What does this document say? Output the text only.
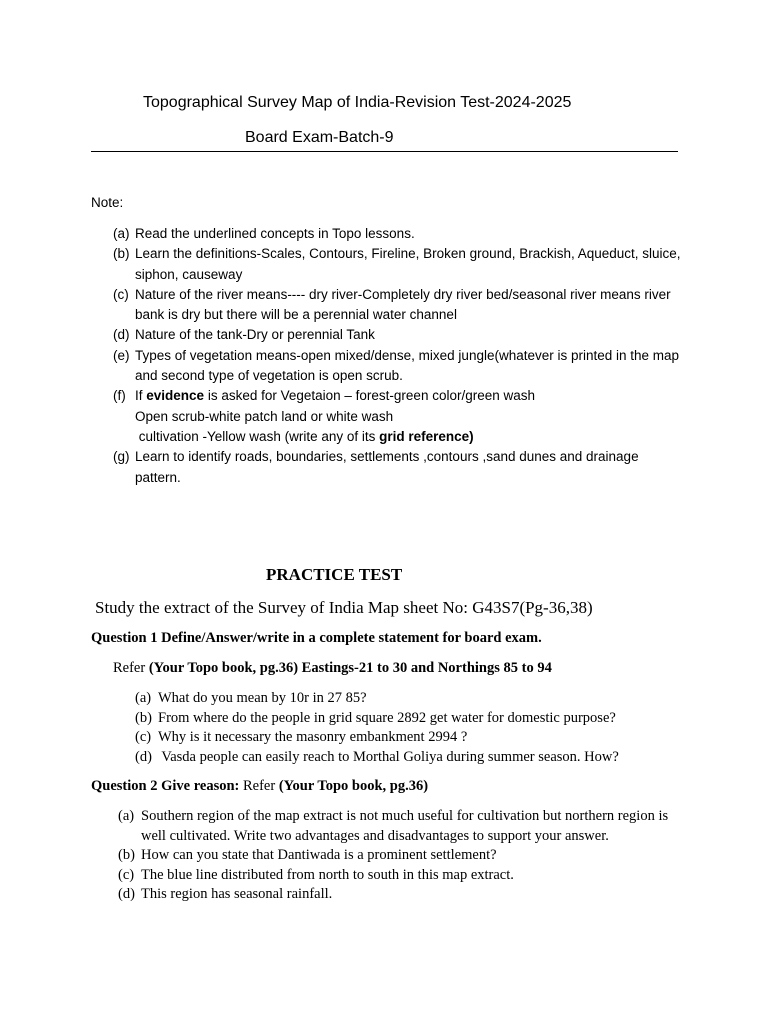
Topographical Survey Map of India-Revision Test-2024-2025
Board Exam-Batch-9
Note:
(a) Read the underlined concepts in Topo lessons.
(b) Learn the definitions-Scales, Contours, Fireline, Broken ground, Brackish, Aqueduct, sluice, siphon, causeway
(c) Nature of the river means---- dry river-Completely dry river bed/seasonal river means river bank is dry but there will be a perennial water channel
(d) Nature of the tank-Dry or perennial Tank
(e) Types of vegetation means-open mixed/dense, mixed jungle(whatever is printed in the map and second type of vegetation is open scrub.
(f) If evidence is asked for Vegetaion – forest-green color/green wash
Open scrub-white patch land or white wash
cultivation -Yellow wash (write any of its grid reference)
(g) Learn to identify roads, boundaries, settlements ,contours ,sand dunes and drainage pattern.
PRACTICE TEST
Study the extract of the Survey of India Map sheet No: G43S7(Pg-36,38)
Question 1 Define/Answer/write in a complete statement for board exam.
Refer (Your Topo book, pg.36) Eastings-21 to 30 and Northings 85 to 94
(a) What do you mean by 10r in 27 85?
(b) From where do the people in grid square 2892 get water for domestic purpose?
(c) Why is it necessary the masonry embankment 2994 ?
(d) Vasda people can easily reach to Morthal Goliya during summer season. How?
Question 2 Give reason: Refer (Your Topo book, pg.36)
(a) Southern region of the map extract is not much useful for cultivation but northern region is well cultivated. Write two advantages and disadvantages to support your answer.
(b) How can you state that Dantiwada is a prominent settlement?
(c) The blue line distributed from north to south in this map extract.
(d) This region has seasonal rainfall.
